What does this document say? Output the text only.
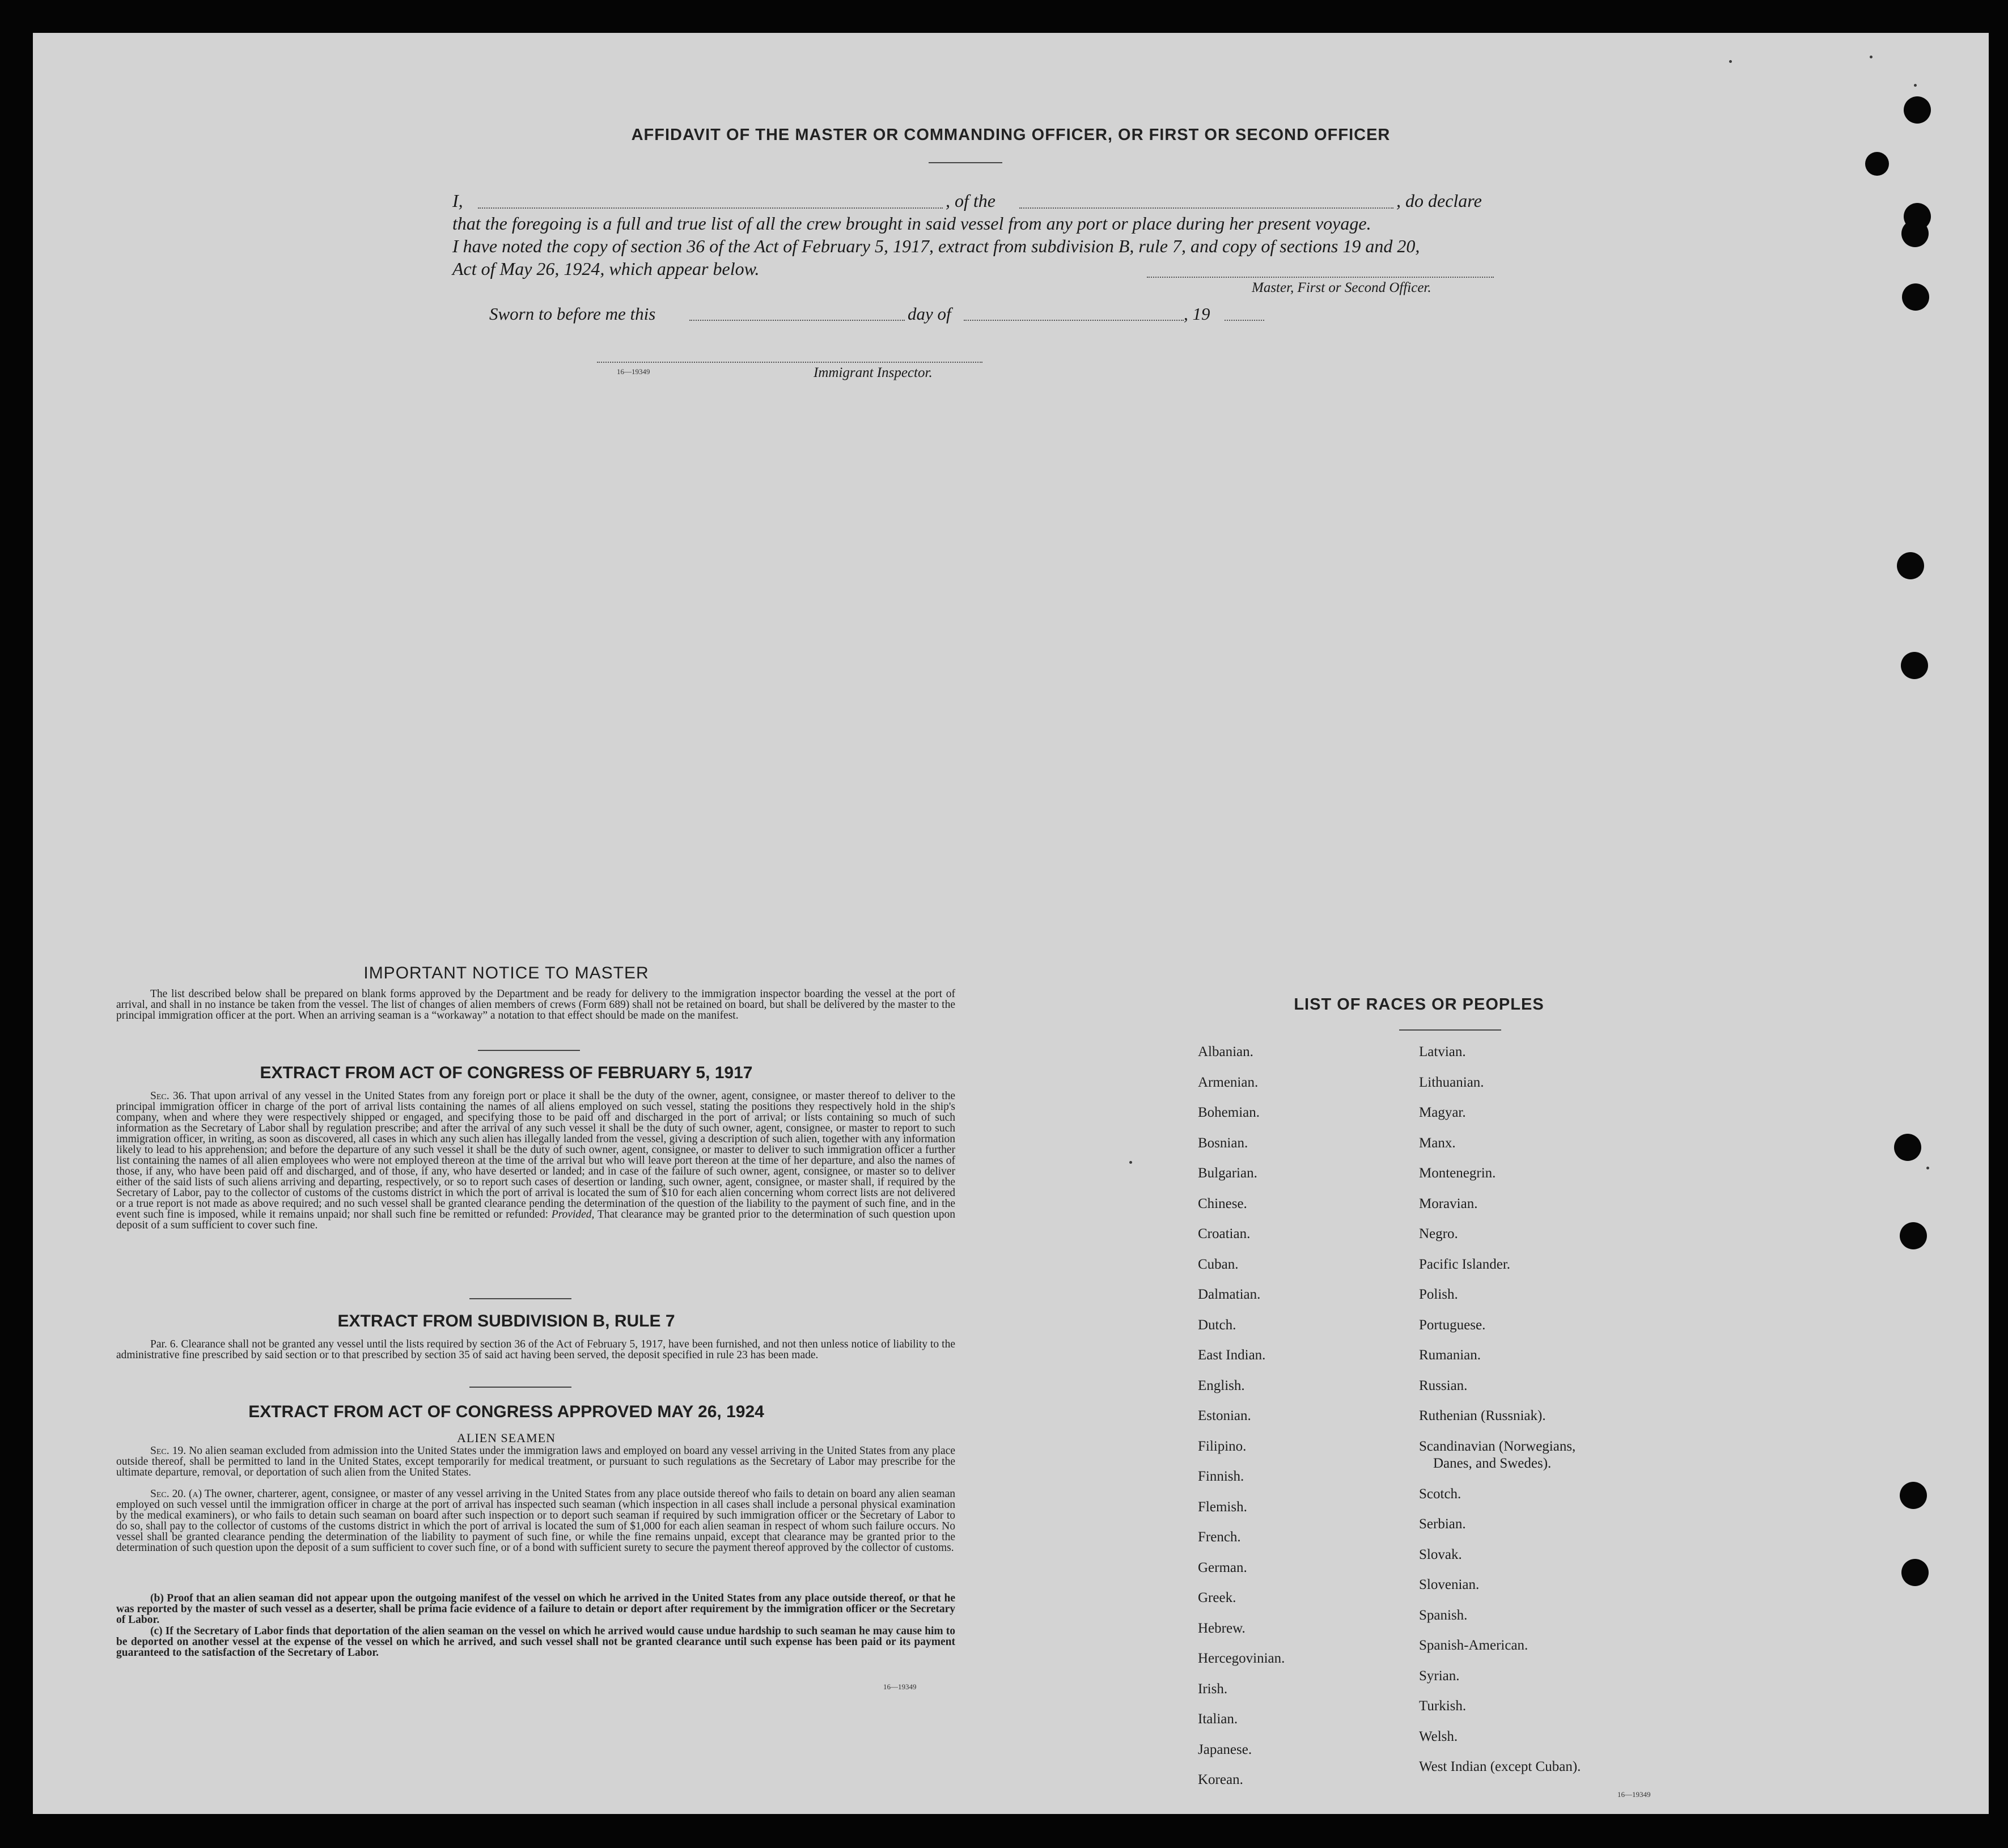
AFFIDAVIT OF THE MASTER OR COMMANDING OFFICER, OR FIRST OR SECOND OFFICER
I,	, of the	, do declare
that the foregoing is a full and true list of all the crew brought in said vessel from any port or place during her present voyage.
I have noted the copy of section 36 of the Act of February 5, 1917, extract from subdivision B, rule 7, and copy of sections 19 and 20,
Act of May 26, 1924, which appear below.
Master, First or Second Officer.
Sworn to before me this	day of	, 19
16—19349	Immigrant Inspector.
IMPORTANT NOTICE TO MASTER
The list described below shall be prepared on blank forms approved by the Department and be ready for delivery to the immigration inspector boarding the vessel at the port of arrival, and shall in no instance be taken from the vessel. The list of changes of alien members of crews (Form 689) shall not be retained on board, but shall be delivered by the master to the principal immigration officer at the port. When an arriving seaman is a “workaway” a notation to that effect should be made on the manifest.
EXTRACT FROM ACT OF CONGRESS OF FEBRUARY 5, 1917
Sec. 36. That upon arrival of any vessel in the United States from any foreign port or place it shall be the duty of the owner, agent, consignee, or master thereof to deliver to the principal immigration officer in charge of the port of arrival lists containing the names of all aliens employed on such vessel, stating the positions they respectively hold in the ship's company, when and where they were respectively shipped or engaged, and specifying those to be paid off and discharged in the port of arrival; or lists containing so much of such information as the Secretary of Labor shall by regulation prescribe; and after the arrival of any such vessel it shall be the duty of such owner, agent, consignee, or master to report to such immigration officer, in writing, as soon as discovered, all cases in which any such alien has illegally landed from the vessel, giving a description of such alien, together with any information likely to lead to his apprehension; and before the departure of any such vessel it shall be the duty of such owner, agent, consignee, or master to deliver to such immigration officer a further list containing the names of all alien employees who were not employed thereon at the time of the arrival but who will leave port thereon at the time of her departure, and also the names of those, if any, who have been paid off and discharged, and of those, if any, who have deserted or landed; and in case of the failure of such owner, agent, consignee, or master so to deliver either of the said lists of such aliens arriving and departing, respectively, or so to report such cases of desertion or landing, such owner, agent, consignee, or master shall, if required by the Secretary of Labor, pay to the collector of customs of the customs district in which the port of arrival is located the sum of $10 for each alien concerning whom correct lists are not delivered or a true report is not made as above required; and no such vessel shall be granted clearance pending the determination of the question of the liability to the payment of such fine, and in the event such fine is imposed, while it remains unpaid; nor shall such fine be remitted or refunded: Provided, That clearance may be granted prior to the determination of such question upon deposit of a sum sufficient to cover such fine.
EXTRACT FROM SUBDIVISION B, RULE 7
Par. 6. Clearance shall not be granted any vessel until the lists required by section 36 of the Act of February 5, 1917, have been furnished, and not then unless notice of liability to the administrative fine prescribed by said section or to that prescribed by section 35 of said act having been served, the deposit specified in rule 23 has been made.
EXTRACT FROM ACT OF CONGRESS APPROVED MAY 26, 1924
ALIEN SEAMEN
Sec. 19. No alien seaman excluded from admission into the United States under the immigration laws and employed on board any vessel arriving in the United States from any place outside thereof, shall be permitted to land in the United States, except temporarily for medical treatment, or pursuant to such regulations as the Secretary of Labor may prescribe for the ultimate departure, removal, or deportation of such alien from the United States.
Sec. 20. (a) The owner, charterer, agent, consignee, or master of any vessel arriving in the United States from any place outside thereof who fails to detain on board any alien seaman employed on such vessel until the immigration officer in charge at the port of arrival has inspected such seaman (which inspection in all cases shall include a personal physical examination by the medical examiners), or who fails to detain such seaman on board after such inspection or to deport such seaman if required by such immigration officer or the Secretary of Labor to do so, shall pay to the collector of customs of the customs district in which the port of arrival is located the sum of $1,000 for each alien seaman in respect of whom such failure occurs. No vessel shall be granted clearance pending the determination of the liability to payment of such fine, or while the fine remains unpaid, except that clearance may be granted prior to the determination of such question upon the deposit of a sum sufficient to cover such fine, or of a bond with sufficient surety to secure the payment thereof approved by the collector of customs.
(b) Proof that an alien seaman did not appear upon the outgoing manifest of the vessel on which he arrived in the United States from any place outside thereof, or that he was reported by the master of such vessel as a deserter, shall be prima facie evidence of a failure to detain or deport after requirement by the immigration officer or the Secretary of Labor.
(c) If the Secretary of Labor finds that deportation of the alien seaman on the vessel on which he arrived would cause undue hardship to such seaman he may cause him to be deported on another vessel at the expense of the vessel on which he arrived, and such vessel shall not be granted clearance until such expense has been paid or its payment guaranteed to the satisfaction of the Secretary of Labor.
16—19349
LIST OF RACES OR PEOPLES
Albanian.
Armenian.
Bohemian.
Bosnian.
Bulgarian.
Chinese.
Croatian.
Cuban.
Dalmatian.
Dutch.
East Indian.
English.
Estonian.
Filipino.
Finnish.
Flemish.
French.
German.
Greek.
Hebrew.
Hercegovinian.
Irish.
Italian.
Japanese.
Korean.
Latvian.
Lithuanian.
Magyar.
Manx.
Montenegrin.
Moravian.
Negro.
Pacific Islander.
Polish.
Portuguese.
Rumanian.
Russian.
Ruthenian (Russniak).
Scandinavian (Norwegians,
Danes, and Swedes).
Scotch.
Serbian.
Slovak.
Slovenian.
Spanish.
Spanish-American.
Syrian.
Turkish.
Welsh.
West Indian (except Cuban).
16—19349
